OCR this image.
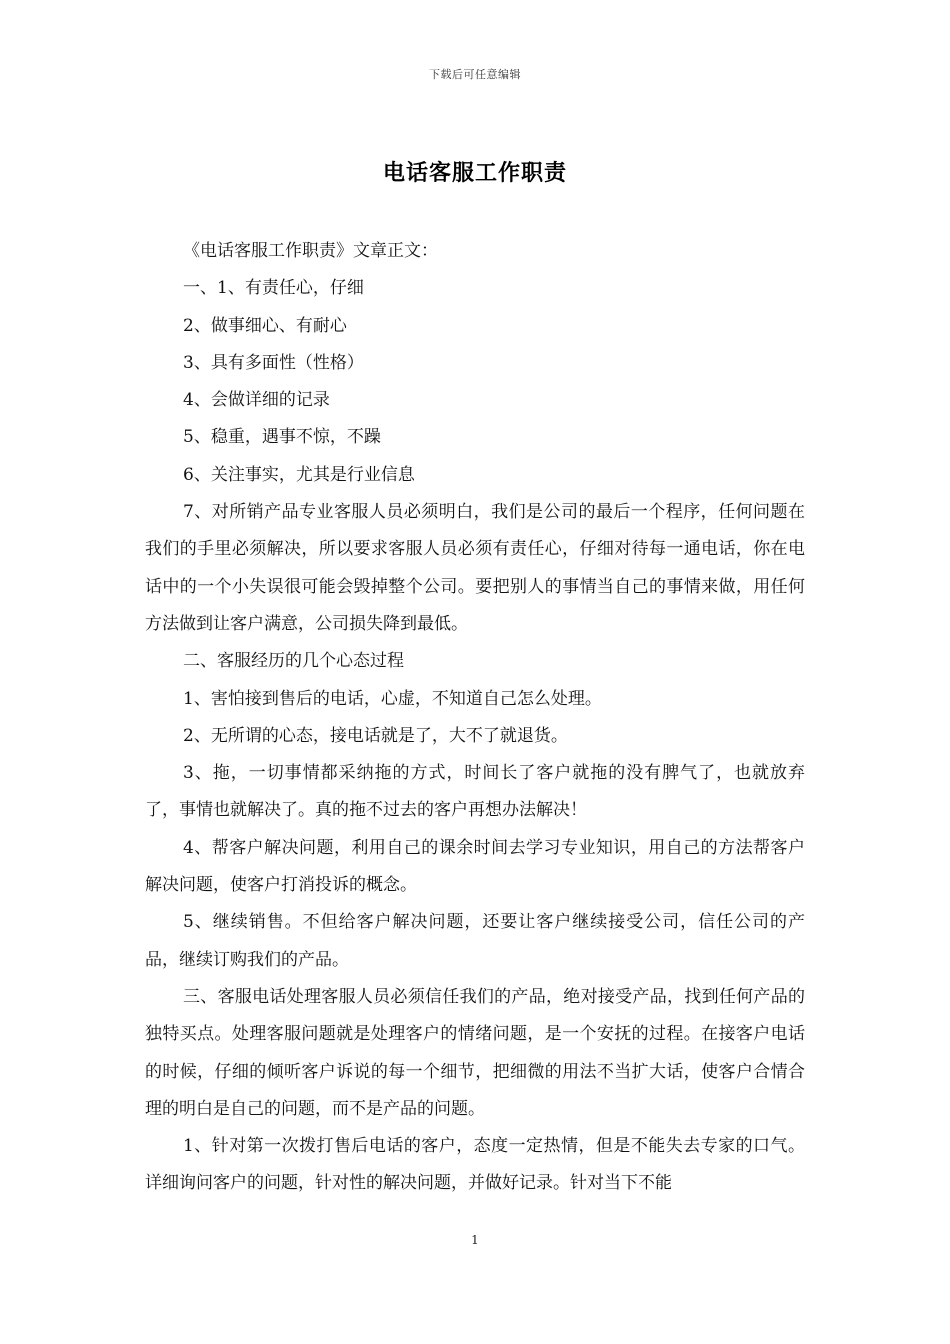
下载后可任意编辑
电话客服工作职责

《电话客服工作职责》文章正文：

一、1、有责任心，仔细

2、做事细心、有耐心

3、具有多面性（性格）

4、会做详细的记录

5、稳重，遇事不惊，不躁

6、关注事实，尤其是行业信息

7、对所销产品专业客服人员必须明白，我们是公司的最后一个程序，任何问题在我们的手里必须解决，所以要求客服人员必须有责任心，仔细对待每一通电话，你在电话中的一个小失误很可能会毁掉整个公司。要把别人的事情当自己的事情来做，用任何方法做到让客户满意，公司损失降到最低。

二、客服经历的几个心态过程

1、害怕接到售后的电话，心虚，不知道自己怎么处理。

2、无所谓的心态，接电话就是了，大不了就退货。

3、拖，一切事情都采纳拖的方式，时间长了客户就拖的没有脾气了，也就放弃了，事情也就解决了。真的拖不过去的客户再想办法解决！

4、帮客户解决问题，利用自己的课余时间去学习专业知识，用自己的方法帮客户解决问题，使客户打消投诉的概念。

5、继续销售。不但给客户解决问题，还要让客户继续接受公司，信任公司的产品，继续订购我们的产品。

三、客服电话处理客服人员必须信任我们的产品，绝对接受产品，找到任何产品的独特买点。处理客服问题就是处理客户的情绪问题，是一个安抚的过程。在接客户电话的时候，仔细的倾听客户诉说的每一个细节，把细微的用法不当扩大话，使客户合情合理的明白是自己的问题，而不是产品的问题。

1、针对第一次拨打售后电话的客户，态度一定热情，但是不能失去专家的口气。详细询问客户的问题，针对性的解决问题，并做好记录。针对当下不能

1
